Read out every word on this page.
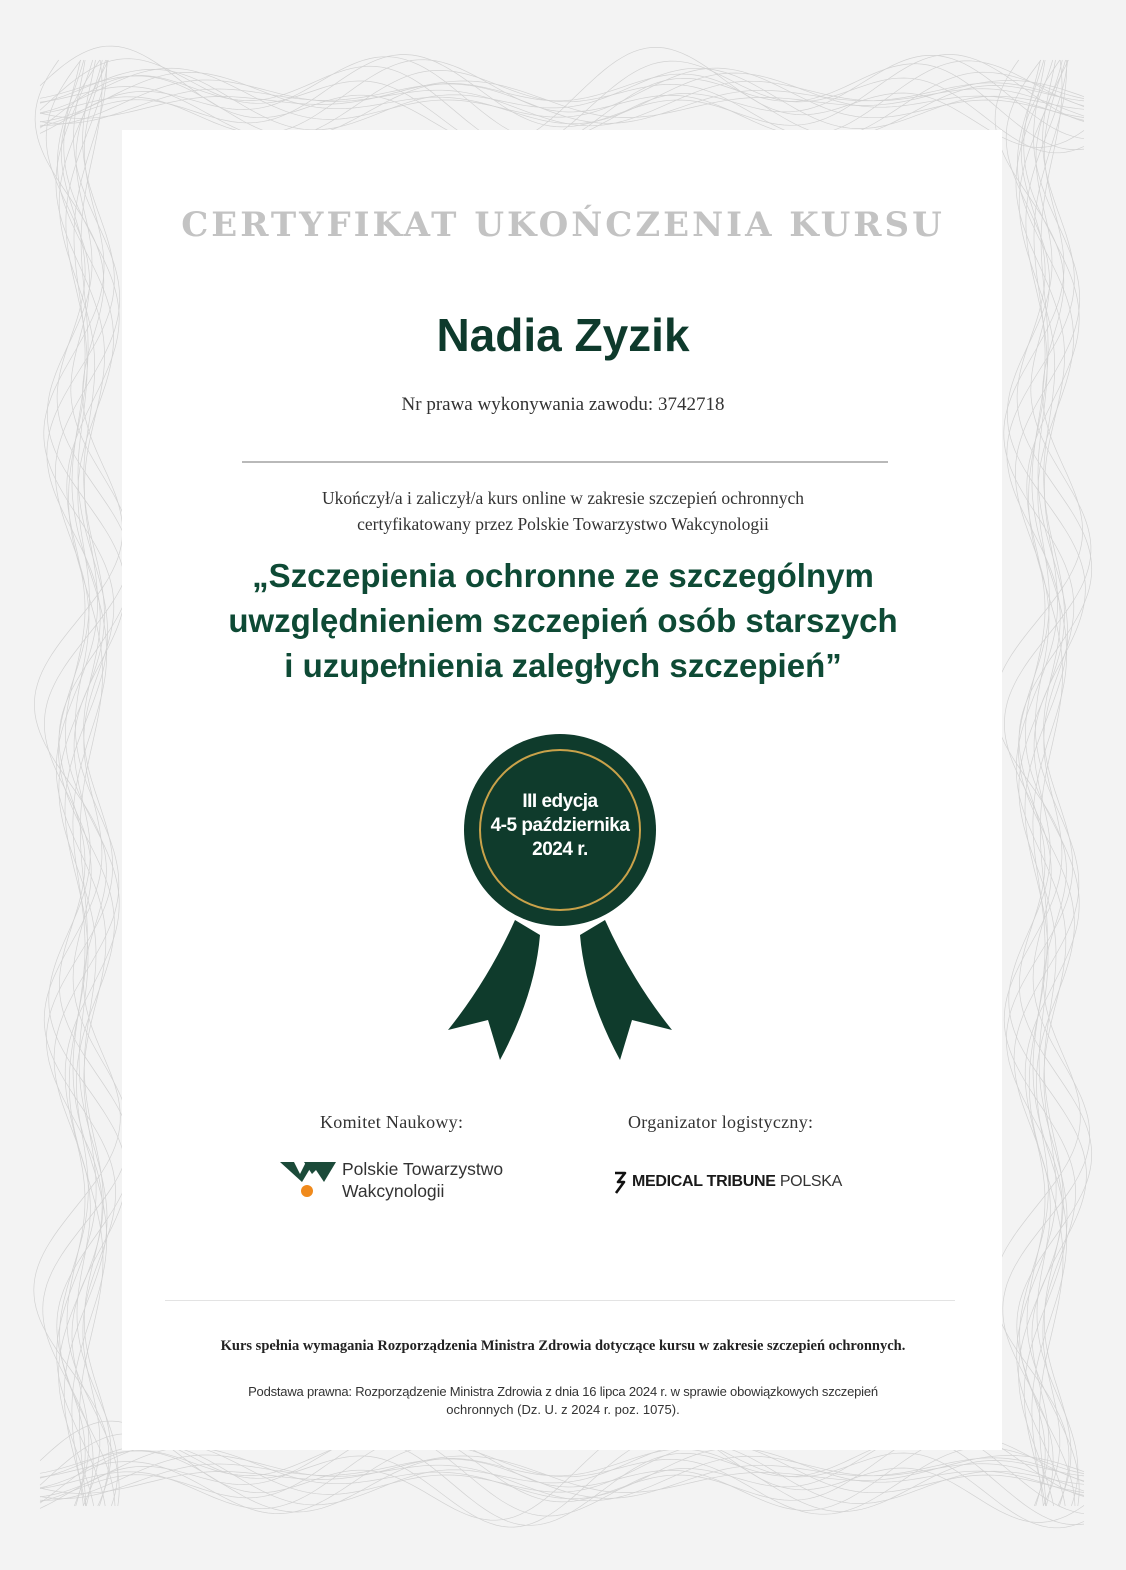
CERTYFIKAT UKOŃCZENIA KURSU
Nadia Zyzik
Nr prawa wykonywania zawodu: 3742718
Ukończył/a i zaliczył/a kurs online w zakresie szczepień ochronnych
certyfikatowany przez Polskie Towarzystwo Wakcynologii
„Szczepienia ochronne ze szczególnym
uwzględnieniem szczepień osób starszych
i uzupełnienia zaległych szczepień”
III edycja
4-5 października
2024 r.
Komitet Naukowy:	Organizator logistyczny:
Polskie Towarzystwo
Wakcynologii	MEDICAL TRIBUNE POLSKA
Kurs spełnia wymagania Rozporządzenia Ministra Zdrowia dotyczące kursu w zakresie szczepień ochronnych.
Podstawa prawna: Rozporządzenie Ministra Zdrowia z dnia 16 lipca 2024 r. w sprawie obowiązkowych szczepień
ochronnych (Dz. U. z 2024 r. poz. 1075).
